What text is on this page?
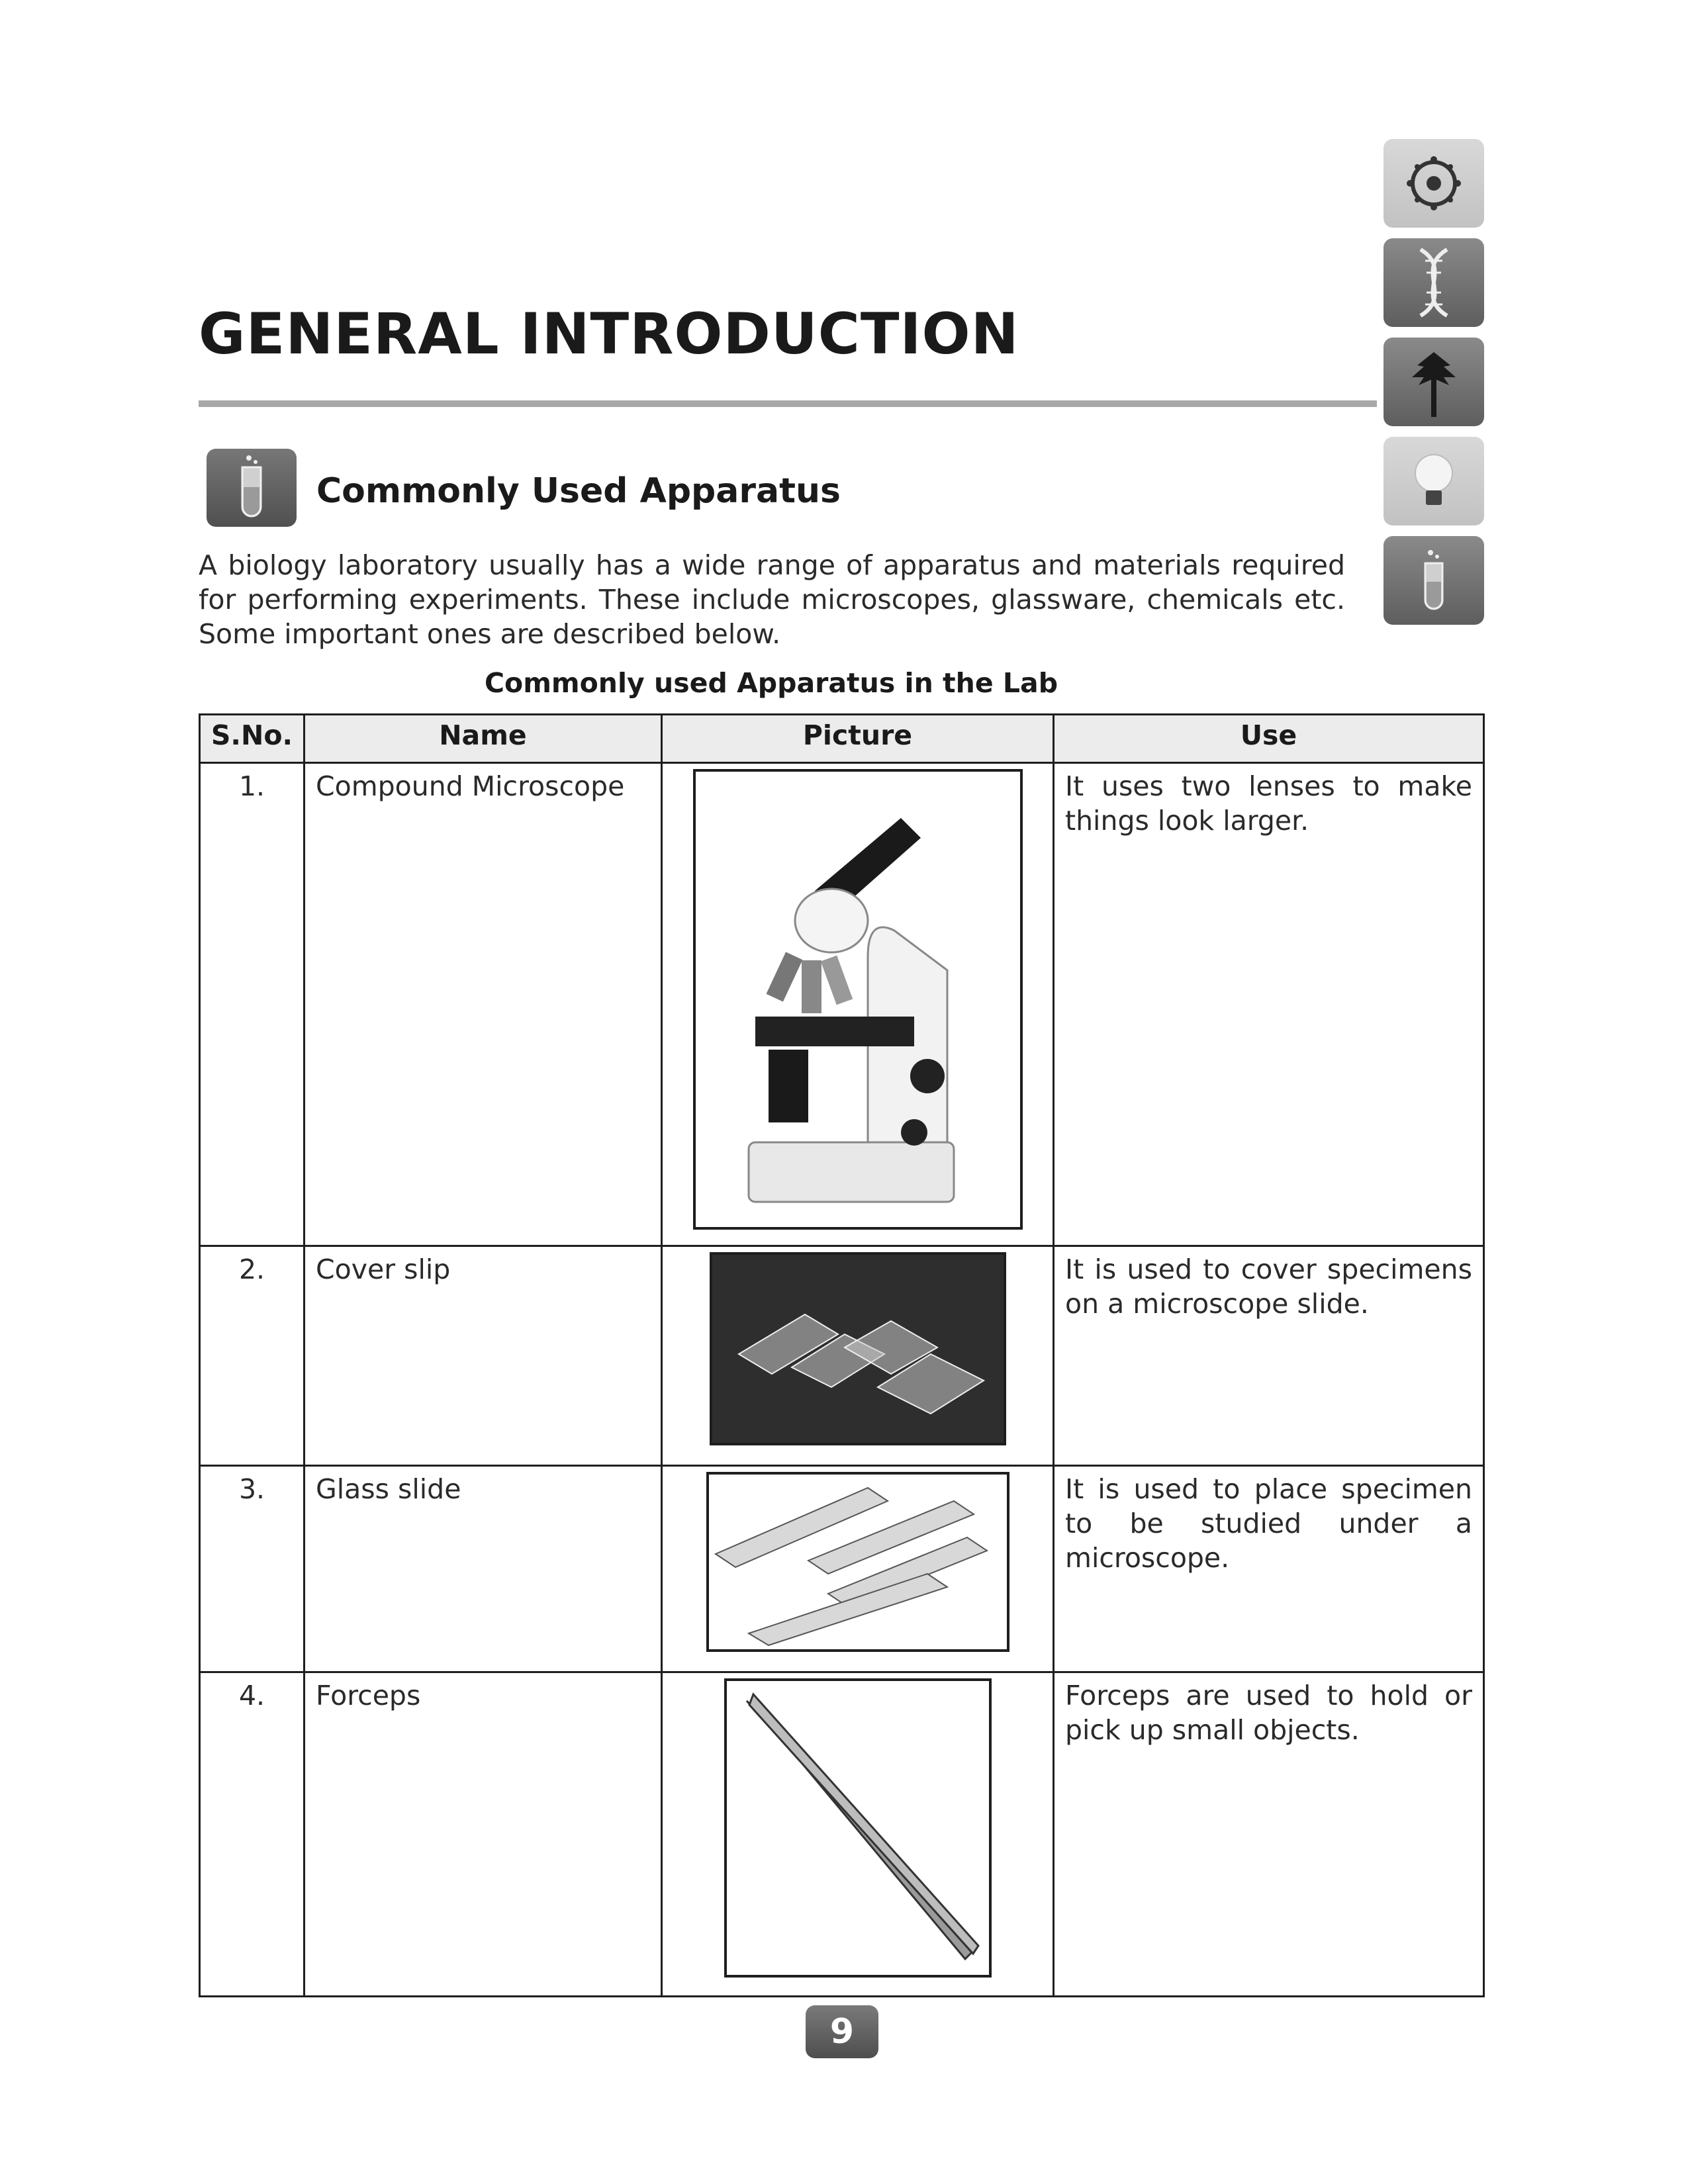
GENERAL INTRODUCTION
Commonly Used Apparatus

A biology laboratory usually has a wide range of apparatus and materials required for performing experiments. These include microscopes, glassware, chemicals etc. Some important ones are described below.

Commonly used Apparatus in the Lab

S.No.	Name	Picture	Use
1.	Compound Microscope		It uses two lenses to make things look larger.
2.	Cover slip		It is used to cover specimens on a microscope slide.
3.	Glass slide		It is used to place specimen to be studied under a microscope.
4.	Forceps		Forceps are used to hold or pick up small objects.
9
